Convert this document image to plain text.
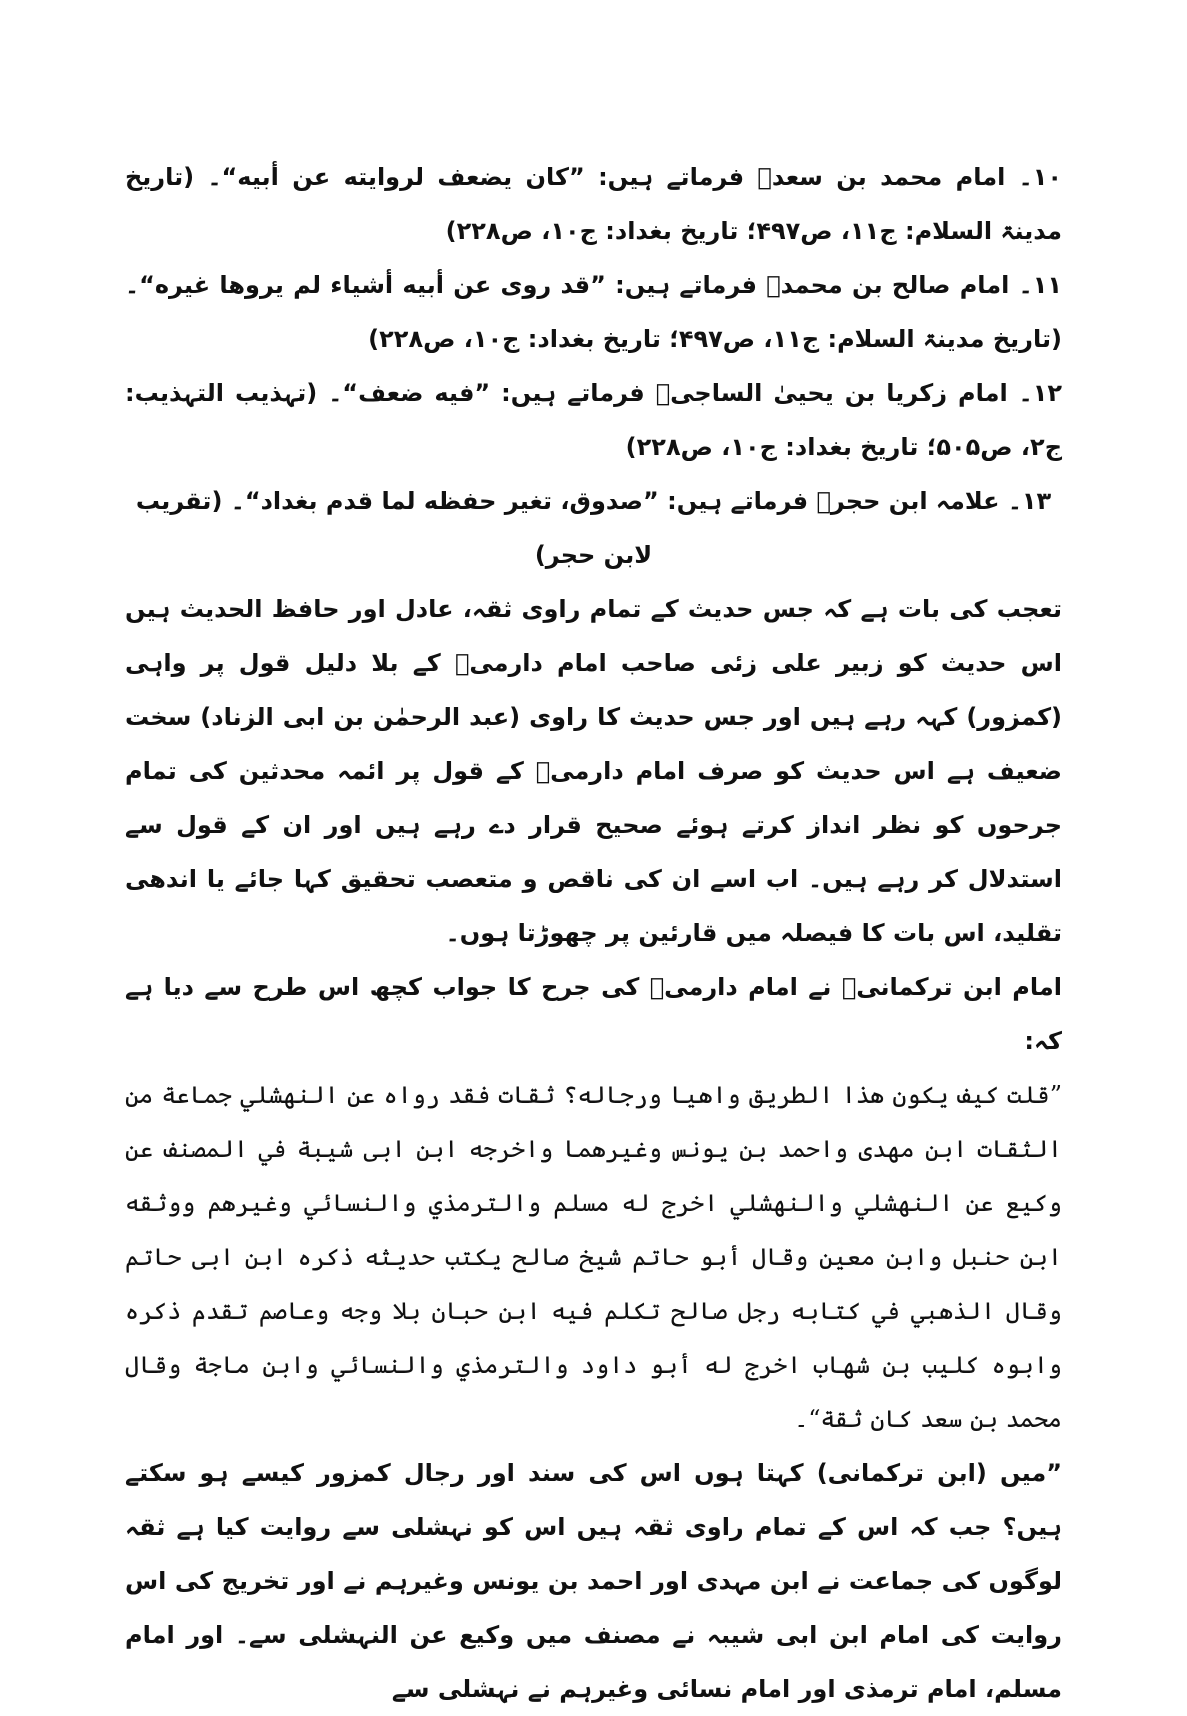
۱۰۔ امام محمد بن سعدؒ فرماتے ہیں: ”كان يضعف لروايته عن أبيه“۔ (تاریخ مدینۃ السلام: ج۱۱، ص۴۹۷؛ تاریخ بغداد: ج۱۰، ص۲۲۸)

۱۱۔ امام صالح بن محمدؒ فرماتے ہیں: ”قد روى عن أبيه أشياء لم يروها غيره“۔ (تاریخ مدینۃ السلام: ج۱۱، ص۴۹۷؛ تاریخ بغداد: ج۱۰، ص۲۲۸)

۱۲۔ امام زکریا بن یحییٰ الساجیؒ فرماتے ہیں: ”فيه ضعف“۔ (تہذیب التہذیب: ج۲، ص۵۰۵؛ تاریخ بغداد: ج۱۰، ص۲۲۸)

۱۳۔ علامہ ابن حجرؒ فرماتے ہیں: ”صدوق، تغير حفظه لما قدم بغداد“۔ (تقریب لابن حجر)

تعجب کی بات ہے کہ جس حدیث کے تمام راوی ثقہ، عادل اور حافظ الحدیث ہیں اس حدیث کو زبیر علی زئی صاحب امام دارمیؒ کے بلا دلیل قول پر واہی (کمزور) کہہ رہے ہیں اور جس حدیث کا راوی (عبد الرحمٰن بن ابی الزناد) سخت ضعیف ہے اس حدیث کو صرف امام دارمیؒ کے قول پر ائمہ محدثین کی تمام جرحوں کو نظر انداز کرتے ہوئے صحیح قرار دے رہے ہیں اور ان کے قول سے استدلال کر رہے ہیں۔ اب اسے ان کی ناقص و متعصب تحقیق کہا جائے یا اندھی تقلید، اس بات کا فیصلہ میں قارئین پر چھوڑتا ہوں۔

امام ابن ترکمانیؒ نے امام دارمیؒ کی جرح کا جواب کچھ اس طرح سے دیا ہے کہ:

”قلت كيف يكون هذا الطريق واهيا ورجاله؟ ثقات فقد رواه عن النهشلي جماعة من الثقات ابن مهدى واحمد بن يونس وغيرهما واخرجه ابن ابى شيبة في المصنف عن وكيع عن النهشلي والنهشلي اخرج له مسلم والترمذي والنسائي وغيرهم ووثقه ابن حنبل وابن معين وقال أبو حاتم شيخ صالح يكتب حديثه ذكره ابن ابى حاتم وقال الذهبي في كتابه رجل صالح تكلم فيه ابن حبان بلا وجه وعاصم تقدم ذكره وابوه كليب بن شهاب اخرج له أبو داود والترمذي والنسائي وابن ماجة وقال محمد بن سعد كان ثقة“۔

”میں (ابن ترکمانی) کہتا ہوں اس کی سند اور رجال کمزور کیسے ہو سکتے ہیں؟ جب کہ اس کے تمام راوی ثقہ ہیں اس کو نہشلی سے روایت کیا ہے ثقہ لوگوں کی جماعت نے ابن مہدی اور احمد بن یونس وغیرہم نے اور تخریج کی اس روایت کی امام ابن ابی شیبہ نے مصنف میں وکیع عن النہشلی سے۔ اور امام مسلم، امام ترمذی اور امام نسائی وغیرہم نے نہشلی سے
